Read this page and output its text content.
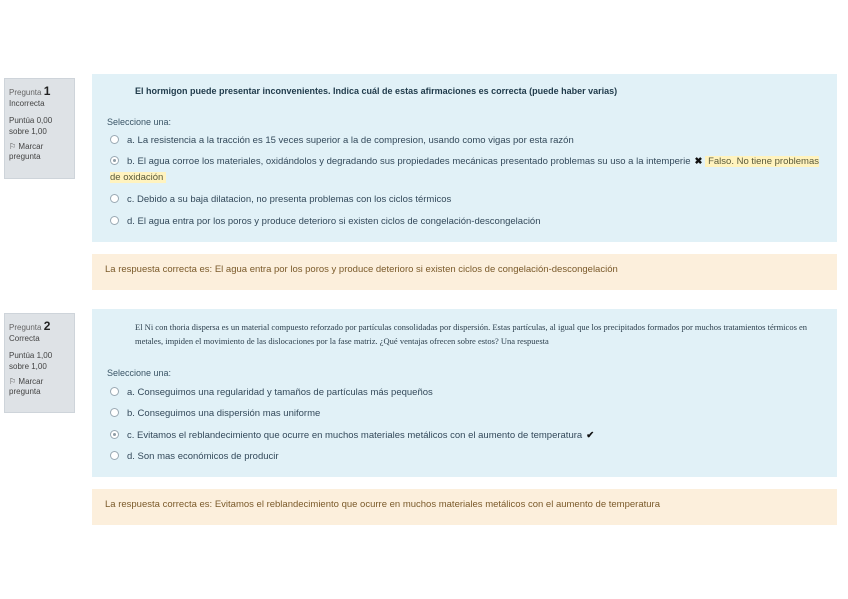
Pregunta 1
Incorrecta
Puntúa 0,00 sobre 1,00
⚐ Marcar pregunta
El hormigon puede presentar inconvenientes. Indica cuál de estas afirmaciones es correcta (puede haber varias)
Seleccione una:
a. La resistencia a la tracción es 15 veces superior a la de compresion, usando como vigas por esta razón
b. El agua corroe los materiales, oxidándolos y degradando sus propiedades mecánicas presentado problemas su uso a la intemperie ✖ Falso. No tiene problemas de oxidación
c. Debido a su baja dilatacion, no presenta problemas con los ciclos térmicos
d. El agua entra por los poros y produce deterioro si existen ciclos de congelación-descongelación
La respuesta correcta es: El agua entra por los poros y produce deterioro si existen ciclos de congelación-descongelación
Pregunta 2
Correcta
Puntúa 1,00 sobre 1,00
⚐ Marcar pregunta
El Ni con thoria dispersa es un material compuesto reforzado por partículas consolidadas por dispersión. Estas partículas, al igual que los precipitados formados por muchos tratamientos térmicos en metales, impiden el movimiento de las dislocaciones por la fase matriz. ¿Qué ventajas ofrecen sobre estos? Una respuesta
Seleccione una:
a. Conseguimos una regularidad y tamaños de partículas más pequeños
b. Conseguimos una dispersión mas uniforme
c. Evitamos el reblandecimiento que ocurre en muchos materiales metálicos con el aumento de temperatura ✔
d. Son mas económicos de producir
La respuesta correcta es: Evitamos el reblandecimiento que ocurre en muchos materiales metálicos con el aumento de temperatura
